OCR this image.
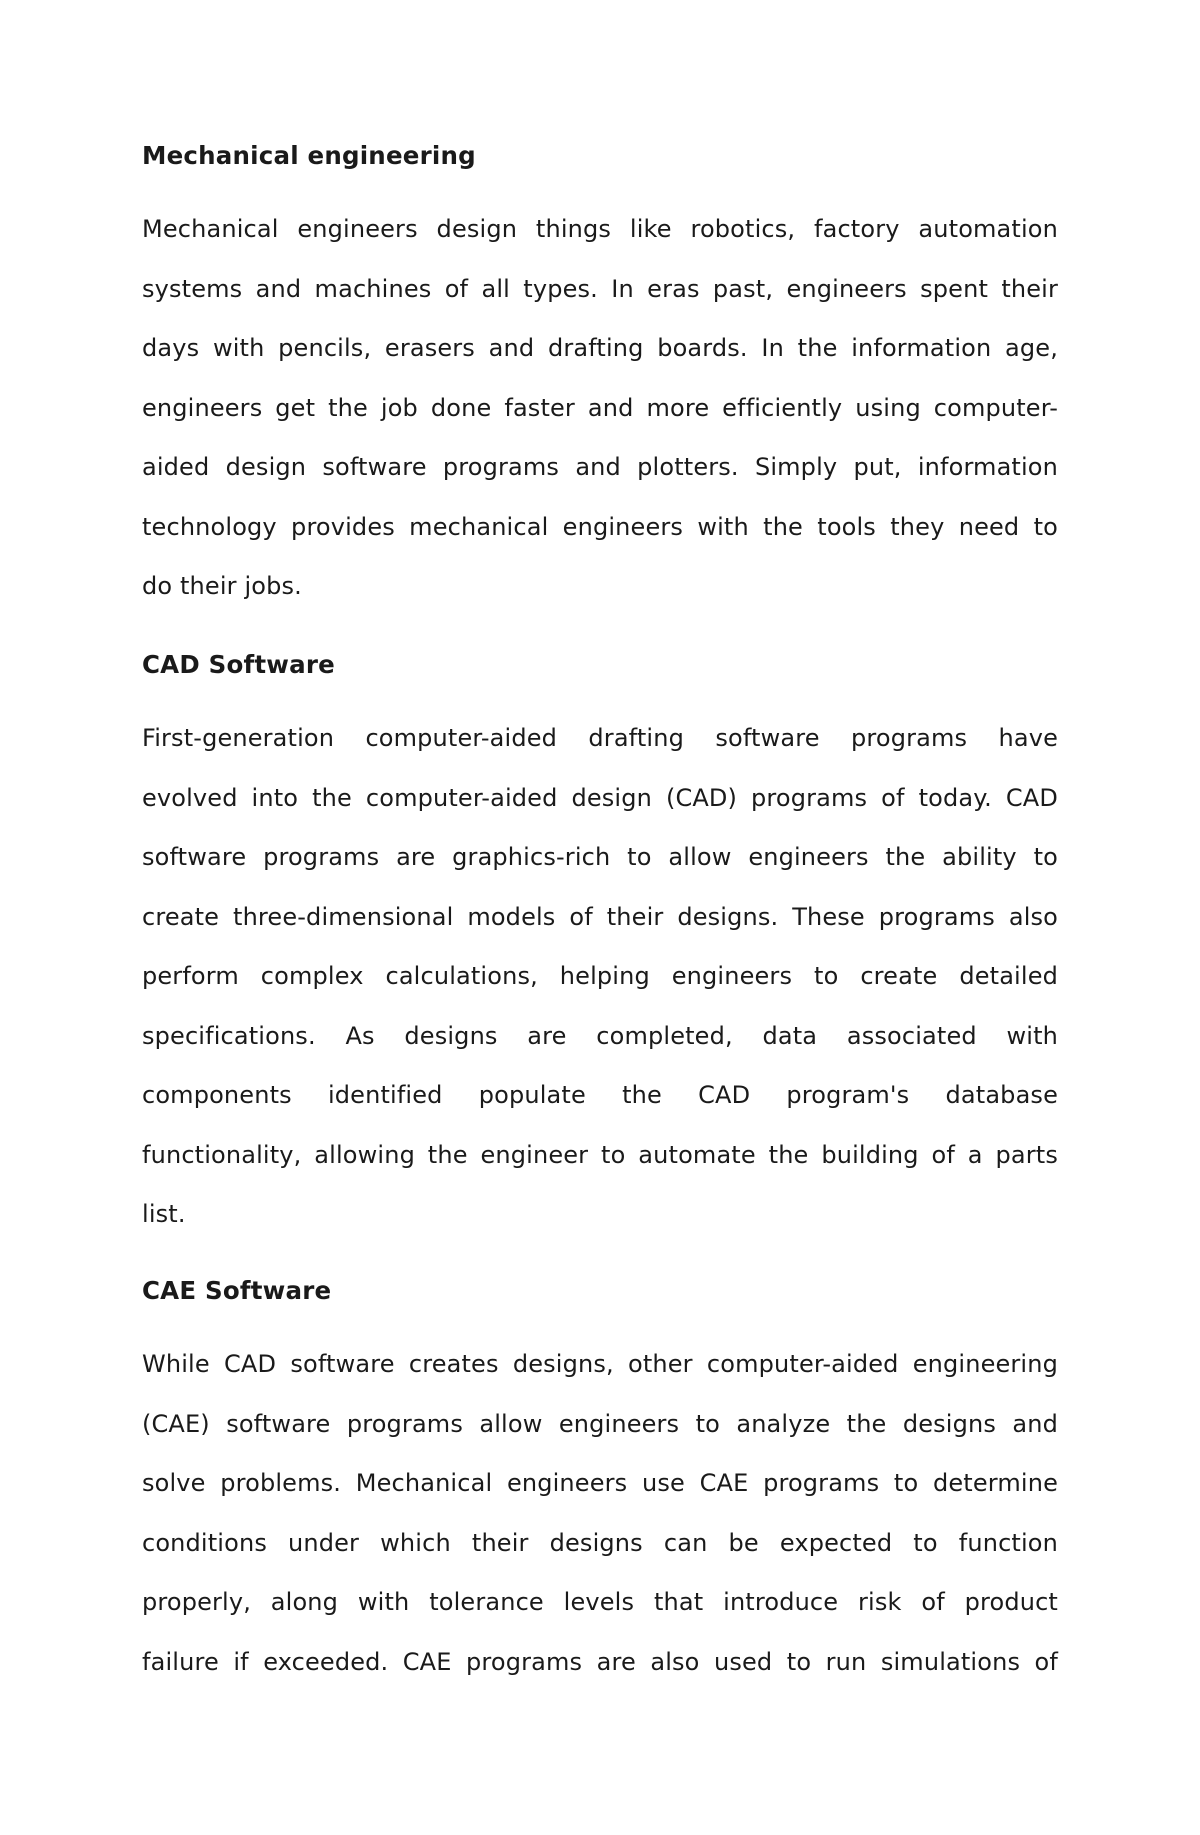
Mechanical engineering

Mechanical engineers design things like robotics, factory automation
systems and machines of all types. In eras past, engineers spent their
days with pencils, erasers and drafting boards. In the information age,
engineers get the job done faster and more efficiently using computer-
aided design software programs and plotters. Simply put, information
technology provides mechanical engineers with the tools they need to
do their jobs.

CAD Software

First-generation computer-aided drafting software programs have
evolved into the computer-aided design (CAD) programs of today. CAD
software programs are graphics-rich to allow engineers the ability to
create three-dimensional models of their designs. These programs also
perform complex calculations, helping engineers to create detailed
specifications. As designs are completed, data associated with
components identified populate the CAD program's database
functionality, allowing the engineer to automate the building of a parts
list.

CAE Software

While CAD software creates designs, other computer-aided engineering
(CAE) software programs allow engineers to analyze the designs and
solve problems. Mechanical engineers use CAE programs to determine
conditions under which their designs can be expected to function
properly, along with tolerance levels that introduce risk of product
failure if exceeded. CAE programs are also used to run simulations of
